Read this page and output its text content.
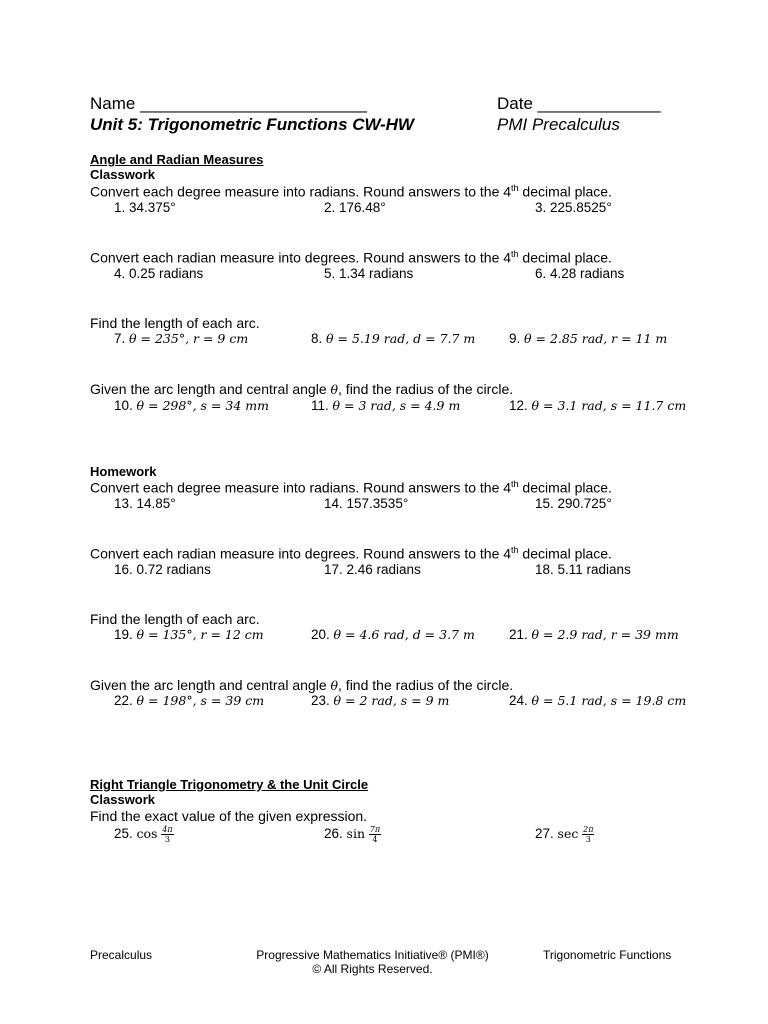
Name ________________________	Date _____________
Unit 5: Trigonometric Functions CW-HW	PMI Precalculus
Angle and Radian Measures
Classwork
Convert each degree measure into radians. Round answers to the 4th decimal place.
1. 34.375°	2. 176.48°	3. 225.8525°
Convert each radian measure into degrees. Round answers to the 4th decimal place.
4. 0.25 radians	5. 1.34 radians	6. 4.28 radians
Find the length of each arc.
7. θ = 235°, r = 9 cm	8. θ = 5.19 rad, d = 7.7 m 9. θ = 2.85 rad, r = 11 m
Given the arc length and central angle θ, find the radius of the circle.
10. θ = 298°, s = 34 mm	11. θ = 3 rad, s = 4.9 m	12. θ = 3.1 rad, s = 11.7 cm
Homework
Convert each degree measure into radians. Round answers to the 4th decimal place.
13. 14.85°	14. 157.3535°	15. 290.725°
Convert each radian measure into degrees. Round answers to the 4th decimal place.
16. 0.72 radians	17. 2.46 radians	18. 5.11 radians
Find the length of each arc.
19. θ = 135°, r = 12 cm	20. θ = 4.6 rad, d = 3.7 m	21. θ = 2.9 rad, r = 39 mm
Given the arc length and central angle θ, find the radius of the circle.
22. θ = 198°, s = 39 cm	23. θ = 2 rad, s = 9 m	24. θ = 5.1 rad, s = 19.8 cm
Right Triangle Trigonometry & the Unit Circle
Classwork
Find the exact value of the given expression.
25. $\cos \frac{4\pi}{3}$	26. $\sin \frac{7\pi}{4}$	27. $\sec \frac{2\pi}{3}$
Precalculus	Progressive Mathematics Initiative® (PMI®)
© All Rights Reserved.
Trigonometric Functions
